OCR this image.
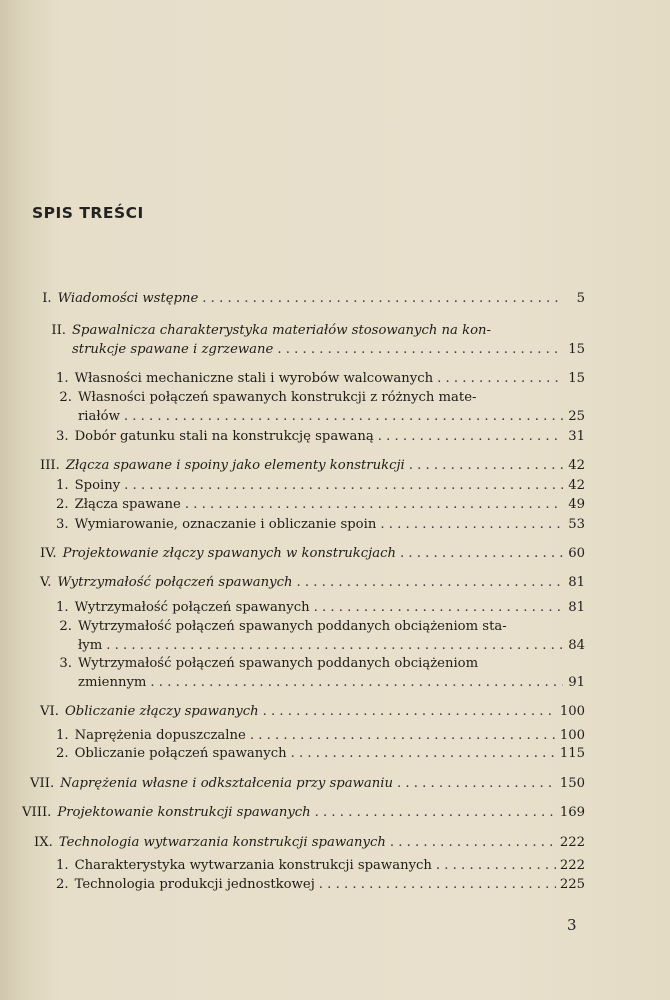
SPIS TREŚCI
I. Wiadomości wstępne . . .	5
II. Spawalnicza charakterystyka materiałów stosowanych na kon-
strukcje spawane i zgrzewane . . .	15
1. Własności mechaniczne stali i wyrobów walcowanych . . .	15
2. Własności połączeń spawanych konstrukcji z różnych mate-
riałów . . .	25
3. Dobór gatunku stali na konstrukcję spawaną . . .	31
III. Złącza spawane i spoiny jako elementy konstrukcji . . .	42
1. Spoiny . . .	42
2. Złącza spawane . . .	49
3. Wymiarowanie, oznaczanie i obliczanie spoin . . .	53
IV. Projektowanie złączy spawanych w konstrukcjach . . .	60
V. Wytrzymałość połączeń spawanych . . .	81
1. Wytrzymałość połączeń spawanych . . .	81
2. Wytrzymałość połączeń spawanych poddanych obciążeniom sta-
łym . . .	84
3. Wytrzymałość połączeń spawanych poddanych obciążeniom
zmiennym . . .	91
VI. Obliczanie złączy spawanych . . .	100
1. Naprężenia dopuszczalne . . .	100
2. Obliczanie połączeń spawanych . . .	115
VII. Naprężenia własne i odkształcenia przy spawaniu . . .	150
VIII. Projektowanie konstrukcji spawanych . . .	169
IX. Technologia wytwarzania konstrukcji spawanych . . .	222
1. Charakterystyka wytwarzania konstrukcji spawanych . . .	222
2. Technologia produkcji jednostkowej . . .	225
3
